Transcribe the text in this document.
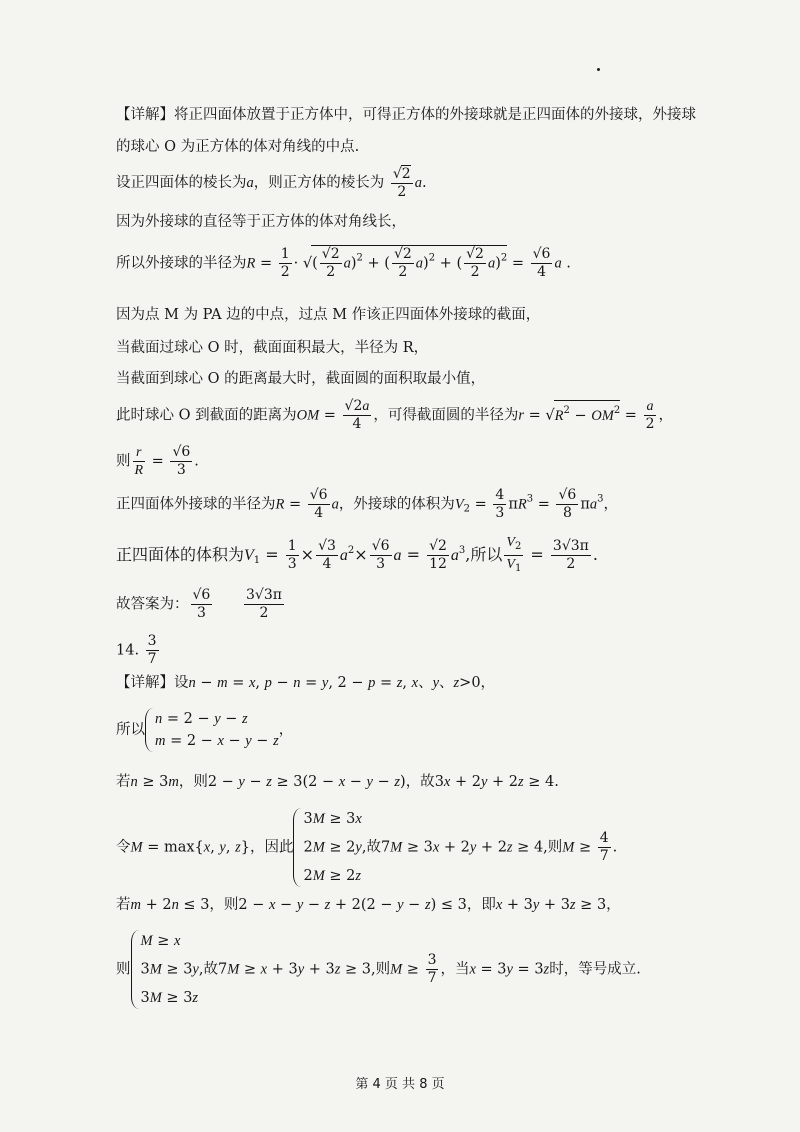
【详解】将正四面体放置于正方体中，可得正方体的外接球就是正四面体的外接球，外接球
的球心 O 为正方体的体对角线的中点.
设正四面体的棱长为a，则正方体的棱长为 $\frac{√2}{2} a$.
因为外接球的直径等于正方体的体对角线长，
所以外接球的半径为$R = \frac{1}{2}$ · √( $\frac{√2}{2} a)^2$ + ( $\frac{√2}{2} a)^2$ + ( $\frac{√2}{2} a)^2 = \frac{√6}{4}$ a .
因为点 M 为 PA 边的中点，过点 M 作该正四面体外接球的截面，
当截面过球心 O 时，截面面积最大，半径为 R，
当截面到球心 O 的距离最大时，截面圆的面积取最小值，
此时球心 O 到截面的距离为OM = $\frac{√2a}{4}$ ，可得截面圆的半径为$r = √R^2 - OM^2 = \frac{a}{2}$ ，
则 $\frac{r}{R} = \frac{√6}{3}$ .
正四面体外接球的半径为$R = \frac{√6}{4}$ a，外接球的体积为$V_2 = \frac{4}{3} \pi R^3 = \frac{√6}{8} \pi a^3$，
正四面体的体积为$V_1 = \frac{1}{3} \times \frac{√3}{4} a^2\times \frac{√6}{3}$ $a = \frac{√2}{12} a^3$,所以 $\frac{V_2}{V_1} = \frac{3√3\pi}{2}$ .
故答案为： $\frac{√6}{3}$
$\frac{3√3\pi}{2}$
14. $\frac{3}{7}$
【详解】设n − m = x, p − n = y, 2 − p = z, x、y、z>0，
所以
n = 2 − y − z
m = 2 − x − y − z
，
若n ≥ 3m，则2 − y − z ≥ 3(2 − x − y − z)，故3x + 2y + 2z ≥ 4.
令M = max{x, y, z}，因此
3M ≥ 3x
2M ≥ 2y,故7M ≥ 3x + 2y + 2z ≥ 4,则$M \ge \frac{4}{7}$ .
2M ≥ 2z
若m + 2n ≤ 3，则2 − x − y − z + 2(2 − y − z) ≤ 3，即x + 3y + 3z ≥ 3，
则
M ≥ x
3M ≥ 3y,故7M ≥ x + 3y + 3z ≥ 3,则$M \ge \frac{3}{7}$ ，当x = 3y = 3z时，等号成立.
3M ≥ 3z
第 4 页 共 8 页
